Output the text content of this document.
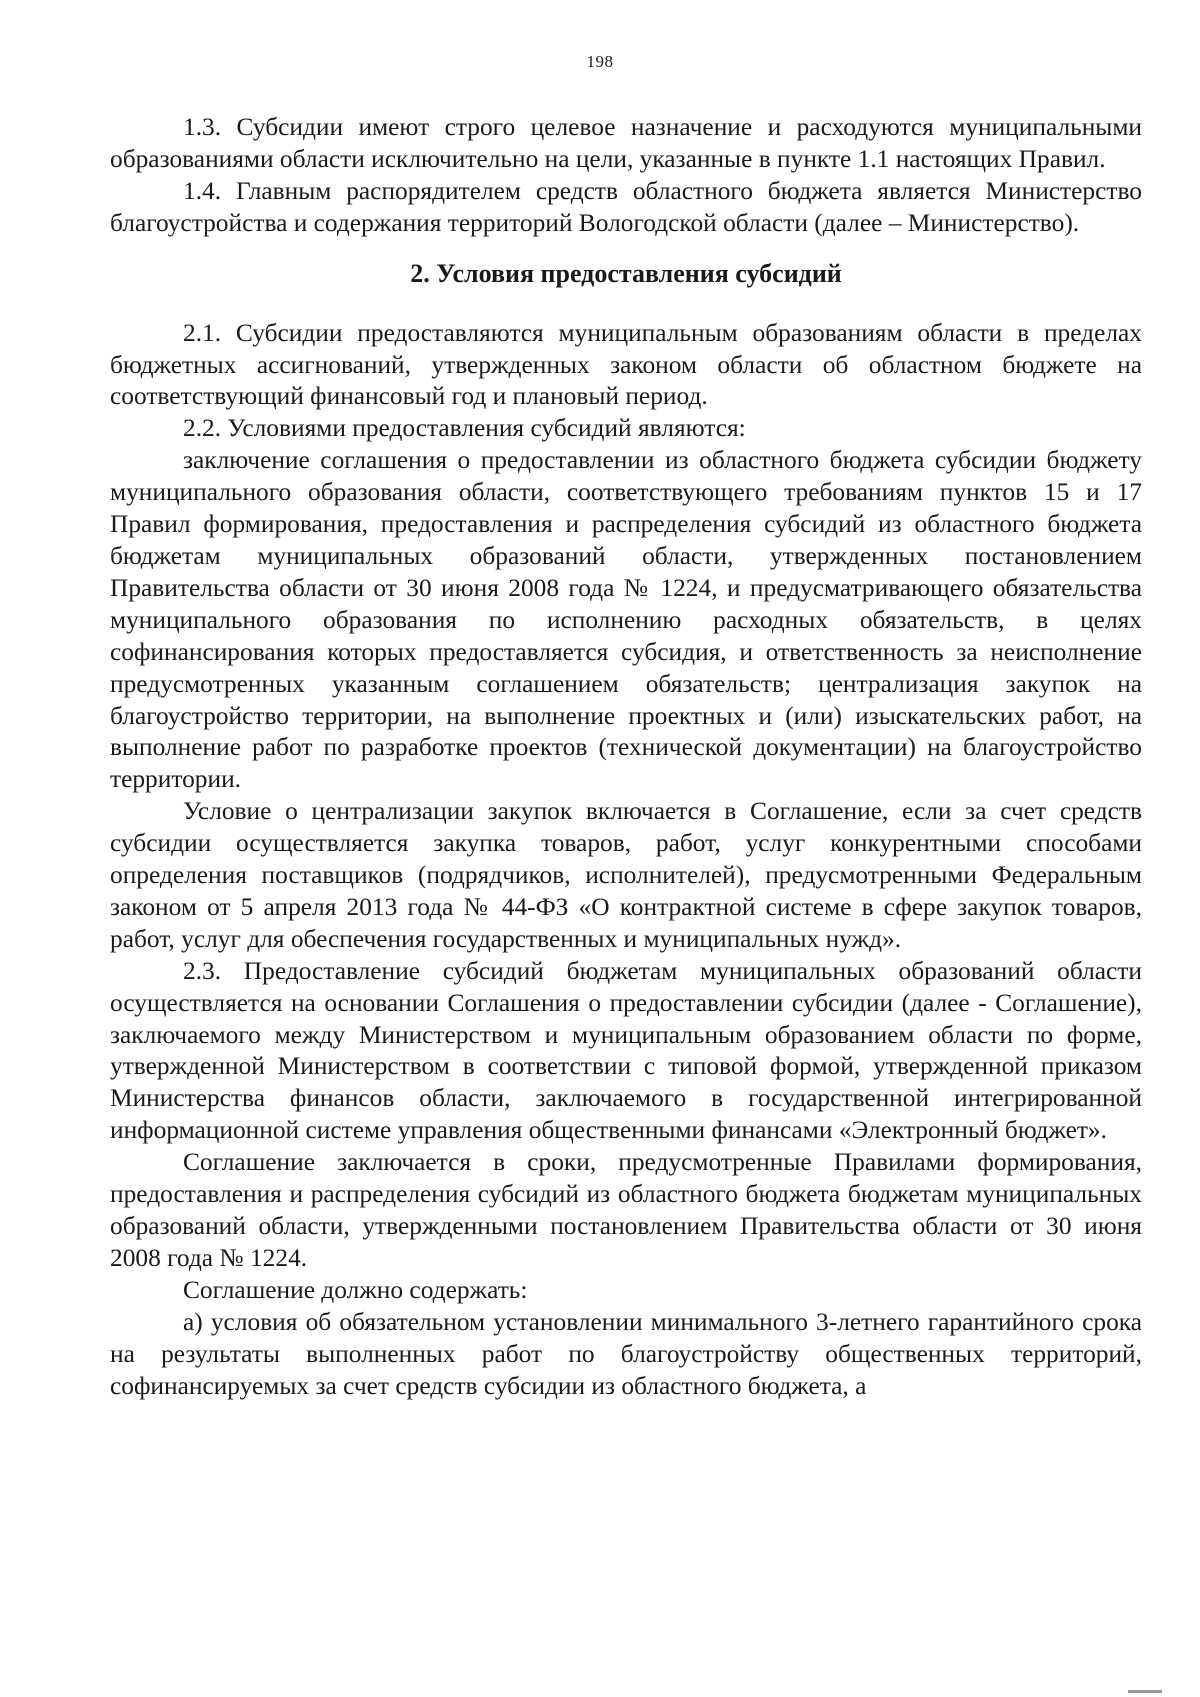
198

1.3. Субсидии имеют строго целевое назначение и расходуются муниципальными образованиями области исключительно на цели, указанные в пункте 1.1 настоящих Правил.

1.4. Главным распорядителем средств областного бюджета является Министерство благоустройства и содержания территорий Вологодской области (далее – Министерство).

2. Условия предоставления субсидий

2.1. Субсидии предоставляются муниципальным образованиям области в пределах бюджетных ассигнований, утвержденных законом области об областном бюджете на соответствующий финансовый год и плановый период.

2.2. Условиями предоставления субсидий являются:

заключение соглашения о предоставлении из областного бюджета субсидии бюджету муниципального образования области, соответствующего требованиям пунктов 15 и 17 Правил формирования, предоставления и распределения субсидий из областного бюджета бюджетам муниципальных образований области, утвержденных постановлением Правительства области от 30 июня 2008 года № 1224, и предусматривающего обязательства муниципального образования по исполнению расходных обязательств, в целях софинансирования которых предоставляется субсидия, и ответственность за неисполнение предусмотренных указанным соглашением обязательств; централизация закупок на благоустройство территории, на выполнение проектных и (или) изыскательских работ, на выполнение работ по разработке проектов (технической документации) на благоустройство территории.

Условие о централизации закупок включается в Соглашение, если за счет средств субсидии осуществляется закупка товаров, работ, услуг конкурентными способами определения поставщиков (подрядчиков, исполнителей), предусмотренными Федеральным законом от 5 апреля 2013 года № 44-ФЗ «О контрактной системе в сфере закупок товаров, работ, услуг для обеспечения государственных и муниципальных нужд».

2.3. Предоставление субсидий бюджетам муниципальных образований области осуществляется на основании Соглашения о предоставлении субсидии (далее - Соглашение), заключаемого между Министерством и муниципальным образованием области по форме, утвержденной Министерством в соответствии с типовой формой, утвержденной приказом Министерства финансов области, заключаемого в государственной интегрированной информационной системе управления общественными финансами «Электронный бюджет».

Соглашение заключается в сроки, предусмотренные Правилами формирования, предоставления и распределения субсидий из областного бюджета бюджетам муниципальных образований области, утвержденными постановлением Правительства области от 30 июня 2008 года № 1224.

Соглашение должно содержать:

а) условия об обязательном установлении минимального 3-летнего гарантийного срока на результаты выполненных работ по благоустройству общественных территорий, софинансируемых за счет средств субсидии из областного бюджета, а
